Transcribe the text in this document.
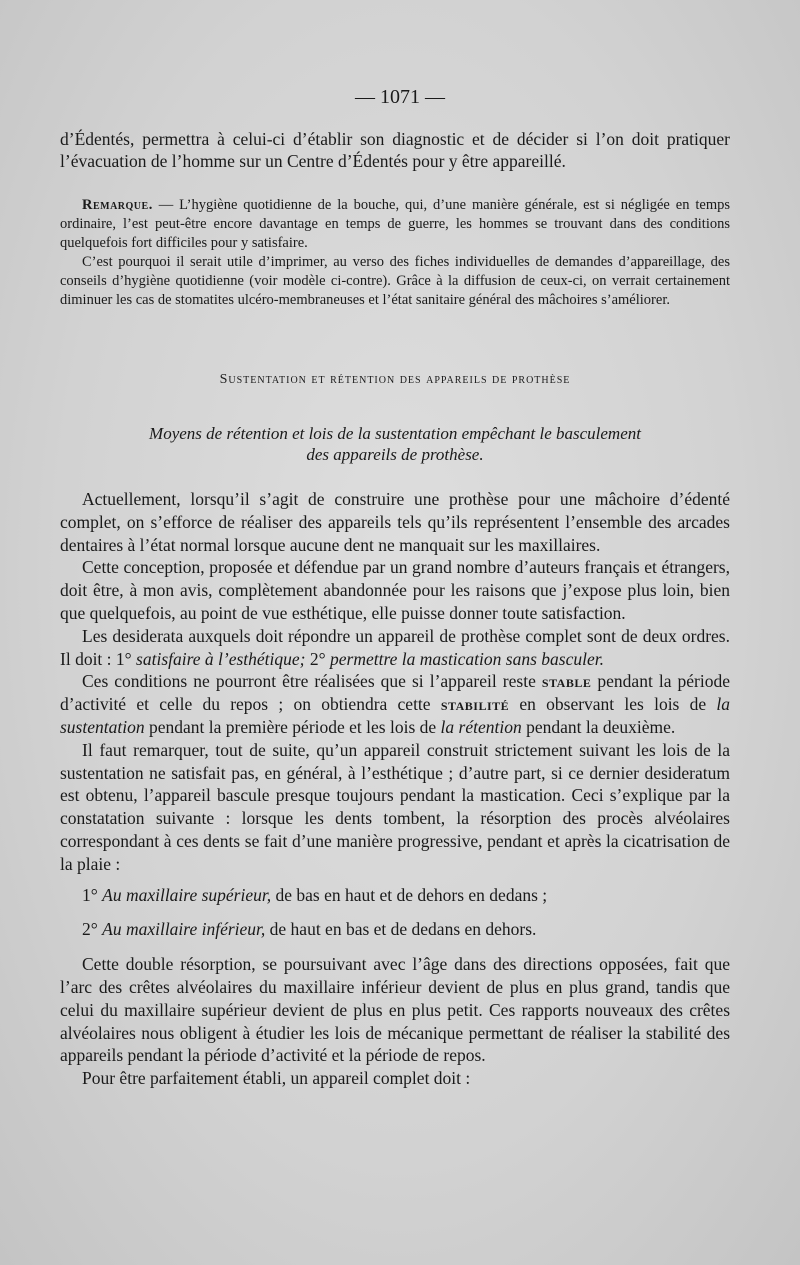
— 1071 —

d’Édentés, permettra à celui-ci d’établir son diagnostic et de décider si l’on doit pratiquer l’évacuation de l’homme sur un Centre d’Édentés pour y être appareillé.

Remarque. — L’hygiène quotidienne de la bouche, qui, d’une manière générale, est si négligée en temps ordinaire, l’est peut-être encore davantage en temps de guerre, les hommes se trouvant dans des conditions quelquefois fort difficiles pour y satisfaire.

C’est pourquoi il serait utile d’imprimer, au verso des fiches individuelles de demandes d’appareillage, des conseils d’hygiène quotidienne (voir modèle ci-contre). Grâce à la diffusion de ceux-ci, on verrait certainement diminuer les cas de stomatites ulcéro-membraneuses et l’état sanitaire général des mâchoires s’améliorer.

Sustentation et rétention des appareils de prothèse
Moyens de rétention et lois de la sustentation empêchant le basculement
des appareils de prothèse.

Actuellement, lorsqu’il s’agit de construire une prothèse pour une mâchoire d’édenté complet, on s’efforce de réaliser des appareils tels qu’ils représentent l’ensemble des arcades dentaires à l’état normal lorsque aucune dent ne manquait sur les maxillaires.

Cette conception, proposée et défendue par un grand nombre d’auteurs français et étrangers, doit être, à mon avis, complètement abandonnée pour les raisons que j’expose plus loin, bien que quelquefois, au point de vue esthétique, elle puisse donner toute satisfaction.

Les desiderata auxquels doit répondre un appareil de prothèse complet sont de deux ordres. Il doit : 1° satisfaire à l’esthétique; 2° permettre la mastication sans basculer.

Ces conditions ne pourront être réalisées que si l’appareil reste stable pendant la période d’activité et celle du repos ; on obtiendra cette stabilité en observant les lois de la sustentation pendant la première période et les lois de la rétention pendant la deuxième.

Il faut remarquer, tout de suite, qu’un appareil construit strictement suivant les lois de la sustentation ne satisfait pas, en général, à l’esthétique ; d’autre part, si ce dernier desideratum est obtenu, l’appareil bascule presque toujours pendant la mastication. Ceci s’explique par la constatation suivante : lorsque les dents tombent, la résorption des procès alvéolaires correspondant à ces dents se fait d’une manière progressive, pendant et après la cicatrisation de la plaie :

1° Au maxillaire supérieur, de bas en haut et de dehors en dedans ;

2° Au maxillaire inférieur, de haut en bas et de dedans en dehors.

Cette double résorption, se poursuivant avec l’âge dans des directions opposées, fait que l’arc des crêtes alvéolaires du maxillaire inférieur devient de plus en plus grand, tandis que celui du maxillaire supérieur devient de plus en plus petit. Ces rapports nouveaux des crêtes alvéolaires nous obligent à étudier les lois de mécanique permettant de réaliser la stabilité des appareils pendant la période d’activité et la période de repos.

Pour être parfaitement établi, un appareil complet doit :
